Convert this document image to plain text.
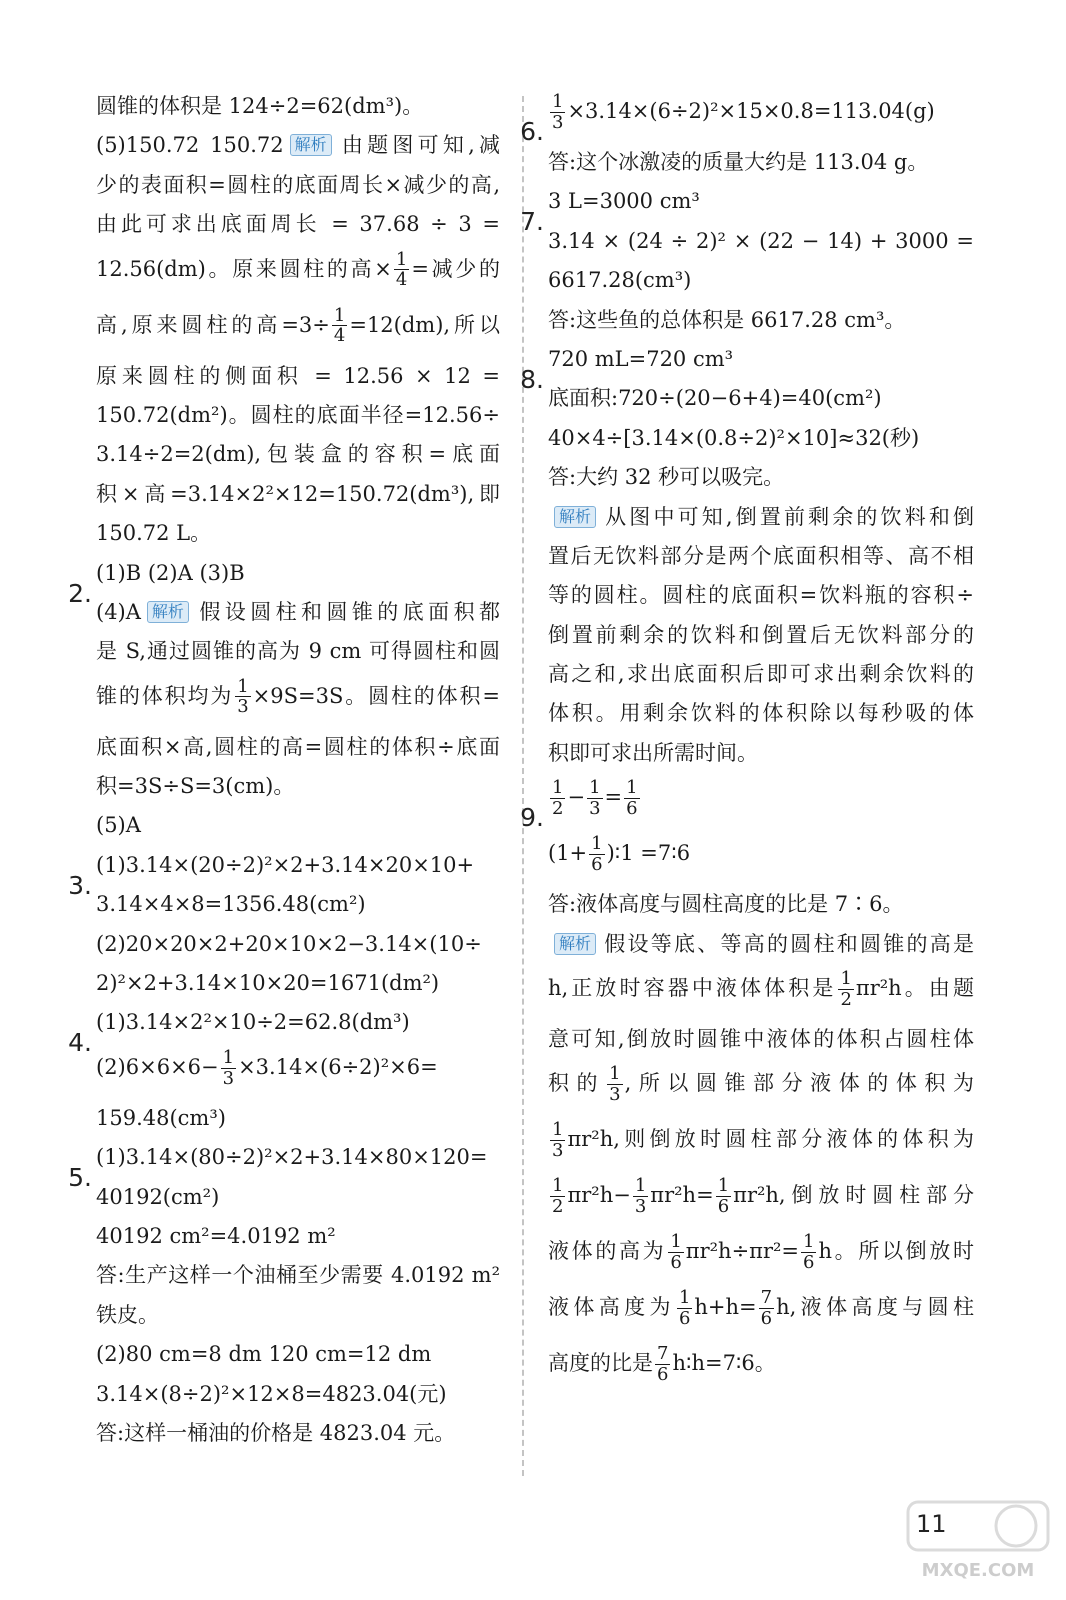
圆锥的体积是 124÷2=62(dm³)。
(5)150.72 150.72 解析 由题图可知,减
少的表面积=圆柱的底面周长×减少的高,
由此可求出底面周长 = 37.68 ÷ 3 =
12.56(dm)。原来圆柱的高× $\frac{1}{4}$ =减少的
高,原来圆柱的高$=3\div \frac{1}{4} =12(dm)$,所以
原来圆柱的侧面积 = 12.56 × 12 =
150.72(dm²)。圆柱的底面半径=12.56÷
3.14÷2=2(dm),包装盒的容积=底面
积×高=3.14×2²×12=150.72(dm³),即
150.72 L。
2.
(1)B (2)A (3)B
(4)A 解析 假设圆柱和圆锥的底面积都
是 S,通过圆锥的高为 9 cm 可得圆柱和圆
锥的体积均为 $\frac{1}{3} \times 9S=3S$。圆柱的体积=
底面积×高,圆柱的高=圆柱的体积÷底面
积=3S÷S=3(cm)。
(5)A
3.
(1)3.14×(20÷2)²×2+3.14×20×10+
3.14×4×8=1356.48(cm²)
(2)20×20×2+20×10×2−3.14×(10÷
2)²×2+3.14×10×20=1671(dm²)
4.
(1)3.14×2²×10÷2=62.8(dm³)
$(2)6\times 6\times 6- \frac{1}{3} \times 3.14\times(6\div 2)^2\times 6=$
159.48(cm³)
5.
(1)3.14×(80÷2)²×2+3.14×80×120=
40192(cm²)
40192 cm²=4.0192 m²
答:生产这样一个油桶至少需要 4.0192 m²
铁皮。
(2)80 cm=8 dm 120 cm=12 dm
3.14×(8÷2)²×12×8=4823.04(元)
答:这样一桶油的价格是 4823.04 元。
6. $\frac{1}{3} \times 3.14\times(6\div 2)^2\times 15\times 0.8=113.04(g)$
答:这个冰激凌的质量大约是 113.04 g。
7.
3 L=3000 cm³
3.14 × (24 ÷ 2)² × (22 − 14) + 3000 =
6617.28(cm³)
答:这些鱼的总体积是 6617.28 cm³。
8.
720 mL=720 cm³
底面积:720÷(20−6+4)=40(cm²)
40×4÷[3.14×(0.8÷2)²×10]≈32(秒)
答:大约 32 秒可以吸完。
解析 从图中可知,倒置前剩余的饮料和倒
置后无饮料部分是两个底面积相等、高不相
等的圆柱。圆柱的底面积=饮料瓶的容积÷
倒置前剩余的饮料和倒置后无饮料部分的
高之和,求出底面积后即可求出剩余饮料的
体积。用剩余饮料的体积除以每秒吸的体
积即可求出所需时间。
9. $\frac{1}{2} - \frac{1}{3} = \frac{1}{6}$
($1+ \frac{1}{6}$ )∶1 =7∶6
答:液体高度与圆柱高度的比是 7∶6。
解析 假设等底、等高的圆柱和圆锥的高是
h,正放时容器中液体体积是 $\frac{1}{2} \pi r^2h$。由题
意可知,倒放时圆锥中液体的体积占圆柱体
积的 $\frac{1}{3}$ ,所以圆锥部分液体的体积为
$\frac{1}{3} \pi r^2h$,则倒放时圆柱部分液体的体积为
$\frac{1}{2} \pi r^2h- \frac{1}{3} \pi r^2h= \frac{1}{6} \pi r^2h$,倒放时圆柱部分
液体的高为 $\frac{1}{6} \pi r^2h\div\pi r^2= \frac{1}{6}$ h。所以倒放时
液体高度为 $\frac{1}{6} h+h= \frac{7}{6} h$,液体高度与圆柱
高度的比是 $\frac{7}{6}$ h∶h=7∶6。
11
MXQE.COM
